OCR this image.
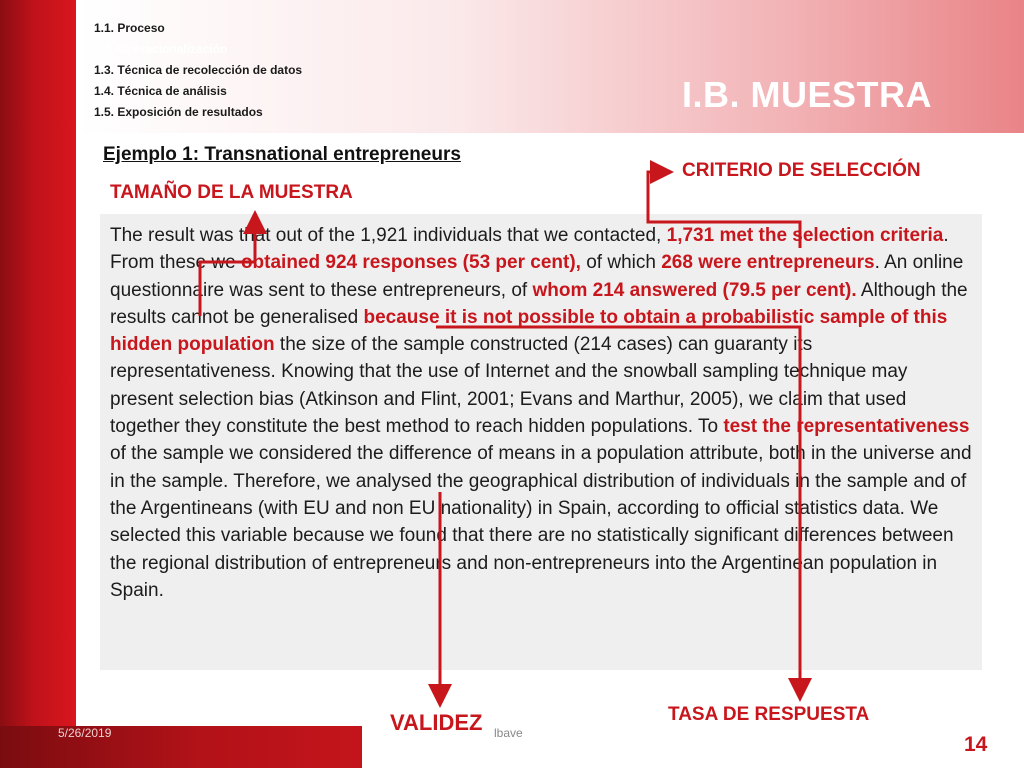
1.1. Proceso
1.2. Operacionalización
1.3. Técnica de recolección de datos
1.4. Técnica de análisis
1.5. Exposición de resultados	I.B. MUESTRA
Ejemplo 1: Transnational entrepreneurs
TAMAÑO DE LA MUESTRA
CRITERIO DE SELECCIÓN

The result was that out of the 1,921 individuals that we contacted, 1,731 met the selection criteria. From these we obtained 924 responses (53 per cent), of which 268 were entrepreneurs. An online questionnaire was sent to these entrepreneurs, of whom 214 answered (79.5 per cent). Although the results cannot be generalised because it is not possible to obtain a probabilistic sample of this hidden population the size of the sample constructed (214 cases) can guaranty its representativeness. Knowing that the use of Internet and the snowball sampling technique may present selection bias (Atkinson and Flint, 2001; Evans and Marthur, 2005), we claim that used together they constitute the best method to reach hidden populations. To test the representativeness of the sample we considered the difference of means in a population attribute, both in the universe and in the sample. Therefore, we analysed the geographical distribution of individuals in the sample and of the Argentineans (with EU and non EU nationality) in Spain, according to official statistics data. We selected this variable because we found that there are no statistically significant differences between the regional distribution of entrepreneurs and non-entrepreneurs into the Argentinean population in Spain.

VALIDEZ	TASA DE RESPUESTA
5/26/2019	lbave	14
